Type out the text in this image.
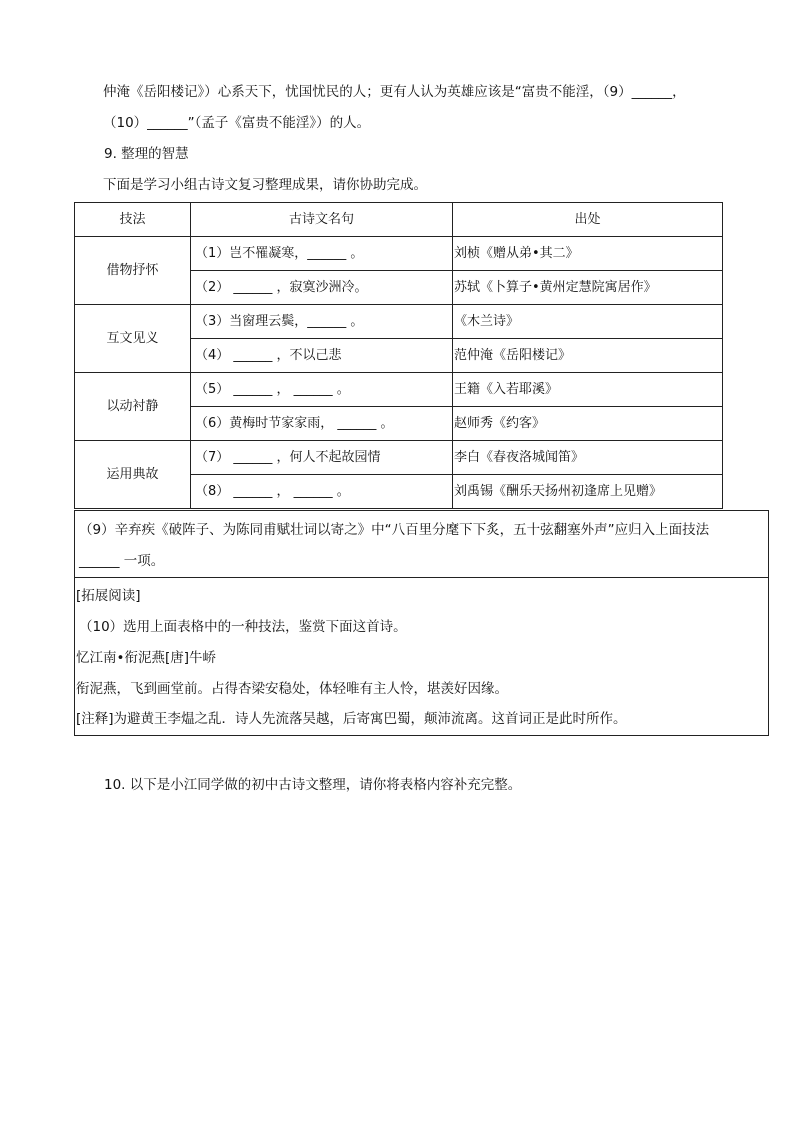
仲淹《岳阳楼记》）心系天下，忧国忧民的人；更有人认为英雄应该是“富贵不能淫，（9）______，
（10）______”（孟子《富贵不能淫》）的人。
9. 整理的智慧
下面是学习小组古诗文复习整理成果，请你协助完成。
技法	古诗文名句	出处
借物抒怀	（1）岂不罹凝寒，______ 。	刘桢《赠从弟•其二》
	（2） ______ ，寂寞沙洲冷。	苏轼《卜算子•黄州定慧院寓居作》
互文见义	（3）当窗理云鬓，______ 。	《木兰诗》
	（4） ______ ，不以己悲	范仲淹《岳阳楼记》
以动衬静	（5） ______ ， ______ 。	王籍《入若耶溪》
	（6）黄梅时节家家雨， ______ 。	赵师秀《约客》
运用典故	（7） ______ ，何人不起故园情	李白《春夜洛城闻笛》
	（8） ______ ， ______ 。	刘禹锡《酬乐天扬州初逢席上见赠》
（9）辛弃疾《破阵子、为陈同甫赋壮词以寄之》中“八百里分麾下下炙，五十弦翻塞外声”应归入上面技法
______ 一项。
[拓展阅读]
（10）选用上面表格中的一种技法，鉴赏下面这首诗。
忆江南•衔泥燕[唐]牛峤
衔泥燕，飞到画堂前。占得杏梁安稳处，体轻唯有主人怜，堪羡好因缘。
[注释]为避黄王李煴之乱．诗人先流落吴越，后寄寓巴蜀，颠沛流离。这首词正是此时所作。
10. 以下是小江同学做的初中古诗文整理，请你将表格内容补充完整。
